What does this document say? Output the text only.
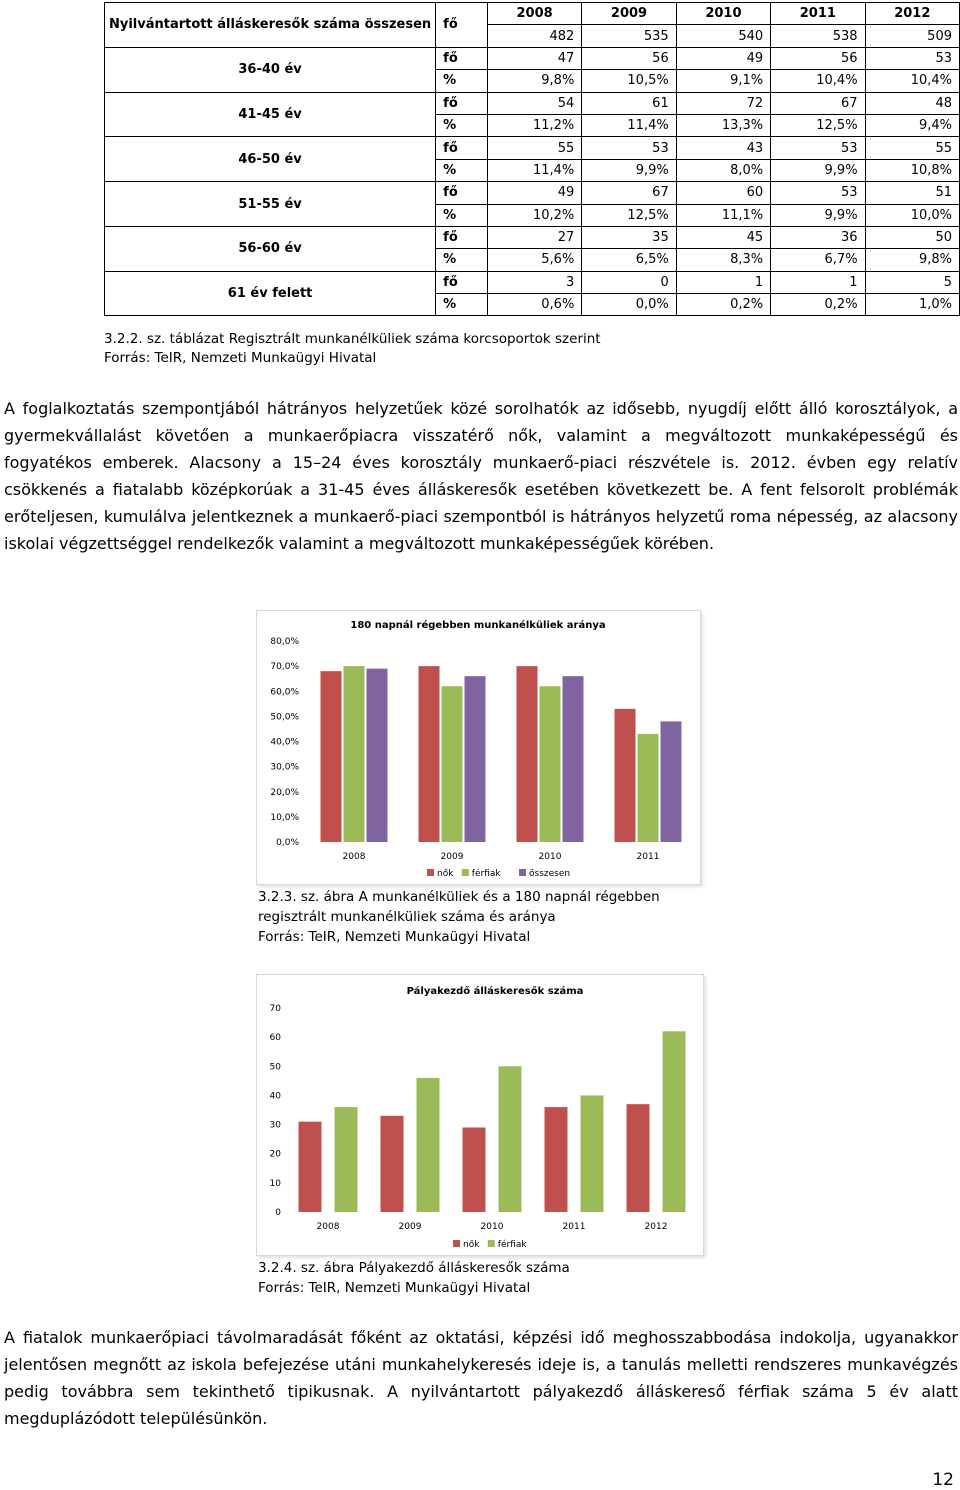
Nyilvántartott álláskeresők száma összesen	fő	2008	2009	2010	2011	2012
		482	535	540	538	509
36-40 év	fő	47	56	49	56	53
	%	9,8%	10,5%	9,1%	10,4%	10,4%
41-45 év	fő	54	61	72	67	48
	%	11,2%	11,4%	13,3%	12,5%	9,4%
46-50 év	fő	55	53	43	53	55
	%	11,4%	9,9%	8,0%	9,9%	10,8%
51-55 év	fő	49	67	60	53	51
	%	10,2%	12,5%	11,1%	9,9%	10,0%
56-60 év	fő	27	35	45	36	50
	%	5,6%	6,5%	8,3%	6,7%	9,8%
61 év felett	fő	3	0	1	1	5
	%	0,6%	0,0%	0,2%	0,2%	1,0%
3.2.2. sz. táblázat Regisztrált munkanélküliek száma korcsoportok szerint
Forrás: TeIR, Nemzeti Munkaügyi Hivatal
A foglalkoztatás szempontjából hátrányos helyzetűek közé sorolhatók az idősebb, nyugdíj előtt álló korosztályok, a gyermekvállalást követően a munkaerőpiacra visszatérő nők, valamint a megváltozott munkaképességű és fogyatékos emberek. Alacsony a 15–24 éves korosztály munkaerő-piaci részvétele is. 2012. évben egy relatív csökkenés a fiatalabb középkorúak a 31-45 éves álláskeresők esetében következett be. A fent felsorolt problémák erőteljesen, kumulálva jelentkeznek a munkaerő-piaci szempontból is hátrányos helyzetű roma népesség, az alacsony iskolai végzettséggel rendelkezők valamint a megváltozott munkaképességűek körében.
180 napnál régebben munkanélküliek aránya
0,0%
10,0%
20,0%
30,0%
40,0%
50,0%
60,0%
70,0%
80,0%
2008	2009	2010	2011
nők férfiak	összesen
3.2.3. sz. ábra A munkanélküliek és a 180 napnál régebben
regisztrált munkanélküliek száma és aránya
Forrás: TeIR, Nemzeti Munkaügyi Hivatal
Pályakezdő álláskeresők száma
0
10
20
30
40
50
60
70
2008	2009	2010	2011	2012
nők férfiak
3.2.4. sz. ábra Pályakezdő álláskeresők száma
Forrás: TeIR, Nemzeti Munkaügyi Hivatal
A fiatalok munkaerőpiaci távolmaradását főként az oktatási, képzési idő meghosszabbodása indokolja, ugyanakkor jelentősen megnőtt az iskola befejezése utáni munkahelykeresés ideje is, a tanulás melletti rendszeres munkavégzés pedig továbbra sem tekinthető tipikusnak. A nyilvántartott pályakezdő álláskereső férfiak száma 5 év alatt megduplázódott településünkön.
12
